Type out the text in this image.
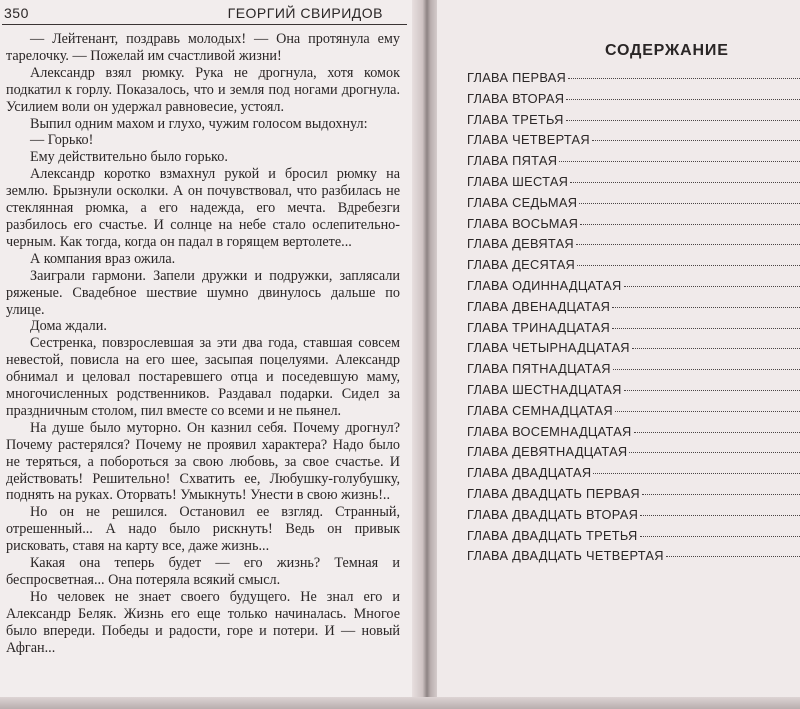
350	ГЕОРГИЙ СВИРИДОВ

— Лейтенант, поздравь молодых! — Она протянула ему тарелочку. — Пожелай им счастливой жизни!

Александр взял рюмку. Рука не дрогнула, хотя комок подкатил к горлу. Показалось, что и земля под ногами дрогнула. Усилием воли он удержал равновесие, устоял.

Выпил одним махом и глухо, чужим голосом выдохнул:

— Горько!

Ему действительно было горько.

Александр коротко взмахнул рукой и бросил рюмку на землю. Брызнули осколки. А он почувствовал, что разбилась не стеклянная рюмка, а его надежда, его мечта. Вдребезги разбилось его счастье. И солнце на небе стало ослепительно-черным. Как тогда, когда он падал в горящем вертолете...

А компания враз ожила.

Заиграли гармони. Запели дружки и подружки, заплясали ряженые. Свадебное шествие шумно двинулось дальше по улице.

Дома ждали.

Сестренка, повзрослевшая за эти два года, ставшая совсем невестой, повисла на его шее, засыпая поцелуями. Александр обнимал и целовал постаревшего отца и поседевшую маму, многочисленных родственников. Раздавал подарки. Сидел за праздничным столом, пил вместе со всеми и не пьянел.

На душе было муторно. Он казнил себя. Почему дрогнул? Почему растерялся? Почему не проявил характера? Надо было не теряться, а побороться за свою любовь, за свое счастье. И действовать! Решительно! Схватить ее, Любушку-голубушку, поднять на руках. Оторвать! Умыкнуть! Унести в свою жизнь!..

Но он не решился. Остановил ее взгляд. Странный, отрешенный... А надо было рискнуть! Ведь он привык рисковать, ставя на карту все, даже жизнь...

Какая она теперь будет — его жизнь? Темная и беспросветная... Она потеряла всякий смысл.

Но человек не знает своего будущего. Не знал его и Александр Беляк. Жизнь его еще только начиналась. Многое было впереди. Победы и радости, горе и потери. И — новый Афган...

СОДЕРЖАНИЕ
ГЛАВА ПЕРВАЯ
ГЛАВА ВТОРАЯ
ГЛАВА ТРЕТЬЯ
ГЛАВА ЧЕТВЕРТАЯ
ГЛАВА ПЯТАЯ
ГЛАВА ШЕСТАЯ
ГЛАВА СЕДЬМАЯ
ГЛАВА ВОСЬМАЯ
ГЛАВА ДЕВЯТАЯ
ГЛАВА ДЕСЯТАЯ
ГЛАВА ОДИННАДЦАТАЯ
ГЛАВА ДВЕНАДЦАТАЯ
ГЛАВА ТРИНАДЦАТАЯ
ГЛАВА ЧЕТЫРНАДЦАТАЯ
ГЛАВА ПЯТНАДЦАТАЯ
ГЛАВА ШЕСТНАДЦАТАЯ
ГЛАВА СЕМНАДЦАТАЯ
ГЛАВА ВОСЕМНАДЦАТАЯ
ГЛАВА ДЕВЯТНАДЦАТАЯ
ГЛАВА ДВАДЦАТАЯ
ГЛАВА ДВАДЦАТЬ ПЕРВАЯ
ГЛАВА ДВАДЦАТЬ ВТОРАЯ
ГЛАВА ДВАДЦАТЬ ТРЕТЬЯ
ГЛАВА ДВАДЦАТЬ ЧЕТВЕРТАЯ
